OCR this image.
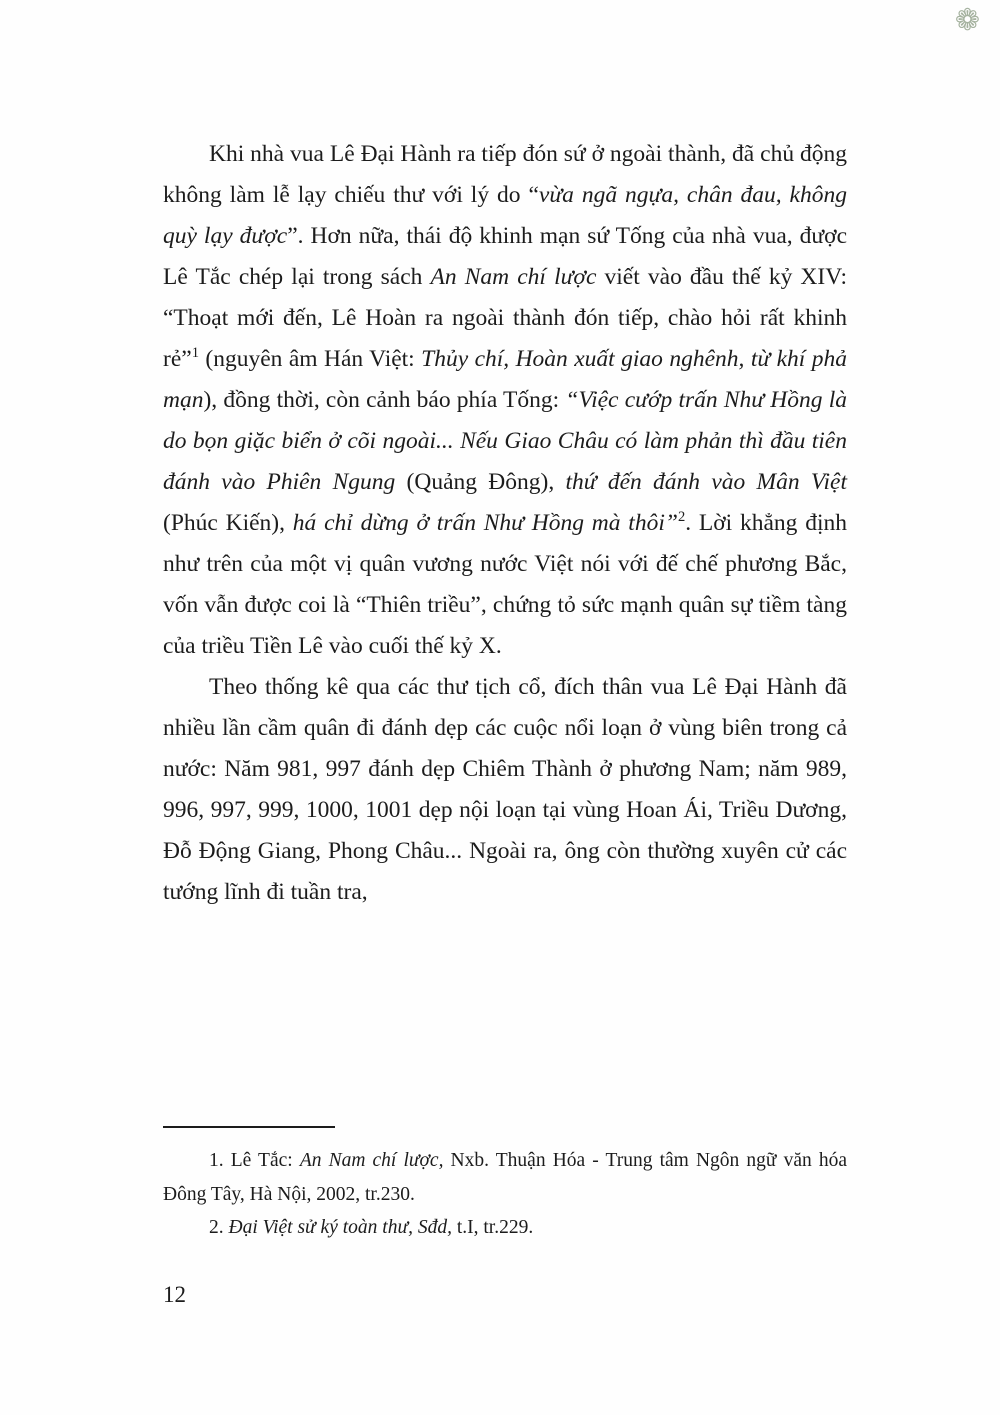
❁

Khi nhà vua Lê Đại Hành ra tiếp đón sứ ở ngoài thành, đã chủ động không làm lễ lạy chiếu thư với lý do “vừa ngã ngựa, chân đau, không quỳ lạy được”. Hơn nữa, thái độ khinh mạn sứ Tống của nhà vua, được Lê Tắc chép lại trong sách An Nam chí lược viết vào đầu thế kỷ XIV: “Thoạt mới đến, Lê Hoàn ra ngoài thành đón tiếp, chào hỏi rất khinh rẻ”$^1$ (nguyên âm Hán Việt: Thủy chí, Hoàn xuất giao nghênh, từ khí phả mạn), đồng thời, còn cảnh báo phía Tống: “Việc cướp trấn Như Hồng là do bọn giặc biển ở cõi ngoài... Nếu Giao Châu có làm phản thì đầu tiên đánh vào Phiên Ngung (Quảng Đông), thứ đến đánh vào Mân Việt (Phúc Kiến), há chỉ dừng ở trấn Như Hồng mà thôi”$^2$. Lời khẳng định như trên của một vị quân vương nước Việt nói với đế chế phương Bắc, vốn vẫn được coi là “Thiên triều”, chứng tỏ sức mạnh quân sự tiềm tàng của triều Tiền Lê vào cuối thế kỷ X.

Theo thống kê qua các thư tịch cổ, đích thân vua Lê Đại Hành đã nhiều lần cầm quân đi đánh dẹp các cuộc nổi loạn ở vùng biên trong cả nước: Năm 981, 997 đánh dẹp Chiêm Thành ở phương Nam; năm 989, 996, 997, 999, 1000, 1001 dẹp nội loạn tại vùng Hoan Ái, Triều Dương, Đỗ Động Giang, Phong Châu... Ngoài ra, ông còn thường xuyên cử các tướng lĩnh đi tuần tra,

1. Lê Tắc: An Nam chí lược, Nxb. Thuận Hóa - Trung tâm Ngôn ngữ văn hóa Đông Tây, Hà Nội, 2002, tr.230.

2. Đại Việt sử ký toàn thư, Sđd, t.I, tr.229.

12
